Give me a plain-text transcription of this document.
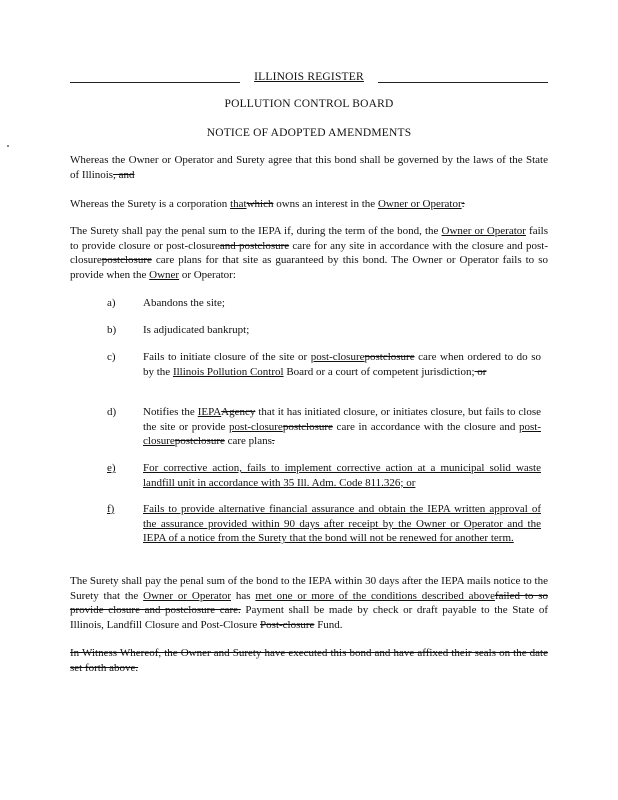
ILLINOIS REGISTER
POLLUTION CONTROL BOARD
NOTICE OF ADOPTED AMENDMENTS
Whereas the Owner or Operator and Surety agree that this bond shall be governed by the laws of the State of Illinois, and
Whereas the Surety is a corporation thatwhich owns an interest in the Owner or Operator:
The Surety shall pay the penal sum to the IEPA if, during the term of the bond, the Owner or Operator fails to provide closure or post-closureand postclosure care for any site in accordance with the closure and post-closurepostclosure care plans for that site as guaranteed by this bond. The Owner or Operator fails to so provide when the Owner or Operator:
a) Abandons the site;
b) Is adjudicated bankrupt;
c) Fails to initiate closure of the site or post-closurepostclosure care when ordered to do so by the Illinois Pollution Control Board or a court of competent jurisdiction; or
d) Notifies the IEPAAgency that it has initiated closure, or initiates closure, but fails to close the site or provide post-closurepostclosure care in accordance with the closure and post-closurepostclosure care plans.
e) For corrective action, fails to implement corrective action at a municipal solid waste landfill unit in accordance with 35 Ill. Adm. Code 811.326; or
f)	Fails to provide alternative financial assurance and obtain the IEPA written approval of the assurance provided within 90 days after receipt by the Owner or Operator and the IEPA of a notice from the Surety that the bond will not be renewed for another term.
The Surety shall pay the penal sum of the bond to the IEPA within 30 days after the IEPA mails notice to the Surety that the Owner or Operator has met one or more of the conditions described abovefailed to so provide closure and postclosure care. Payment shall be made by check or draft payable to the State of Illinois, Landfill Closure and Post-Closure Post-closure Fund.
In Witness Whereof, the Owner and Surety have executed this bond and have affixed their seals on the date set forth above.
